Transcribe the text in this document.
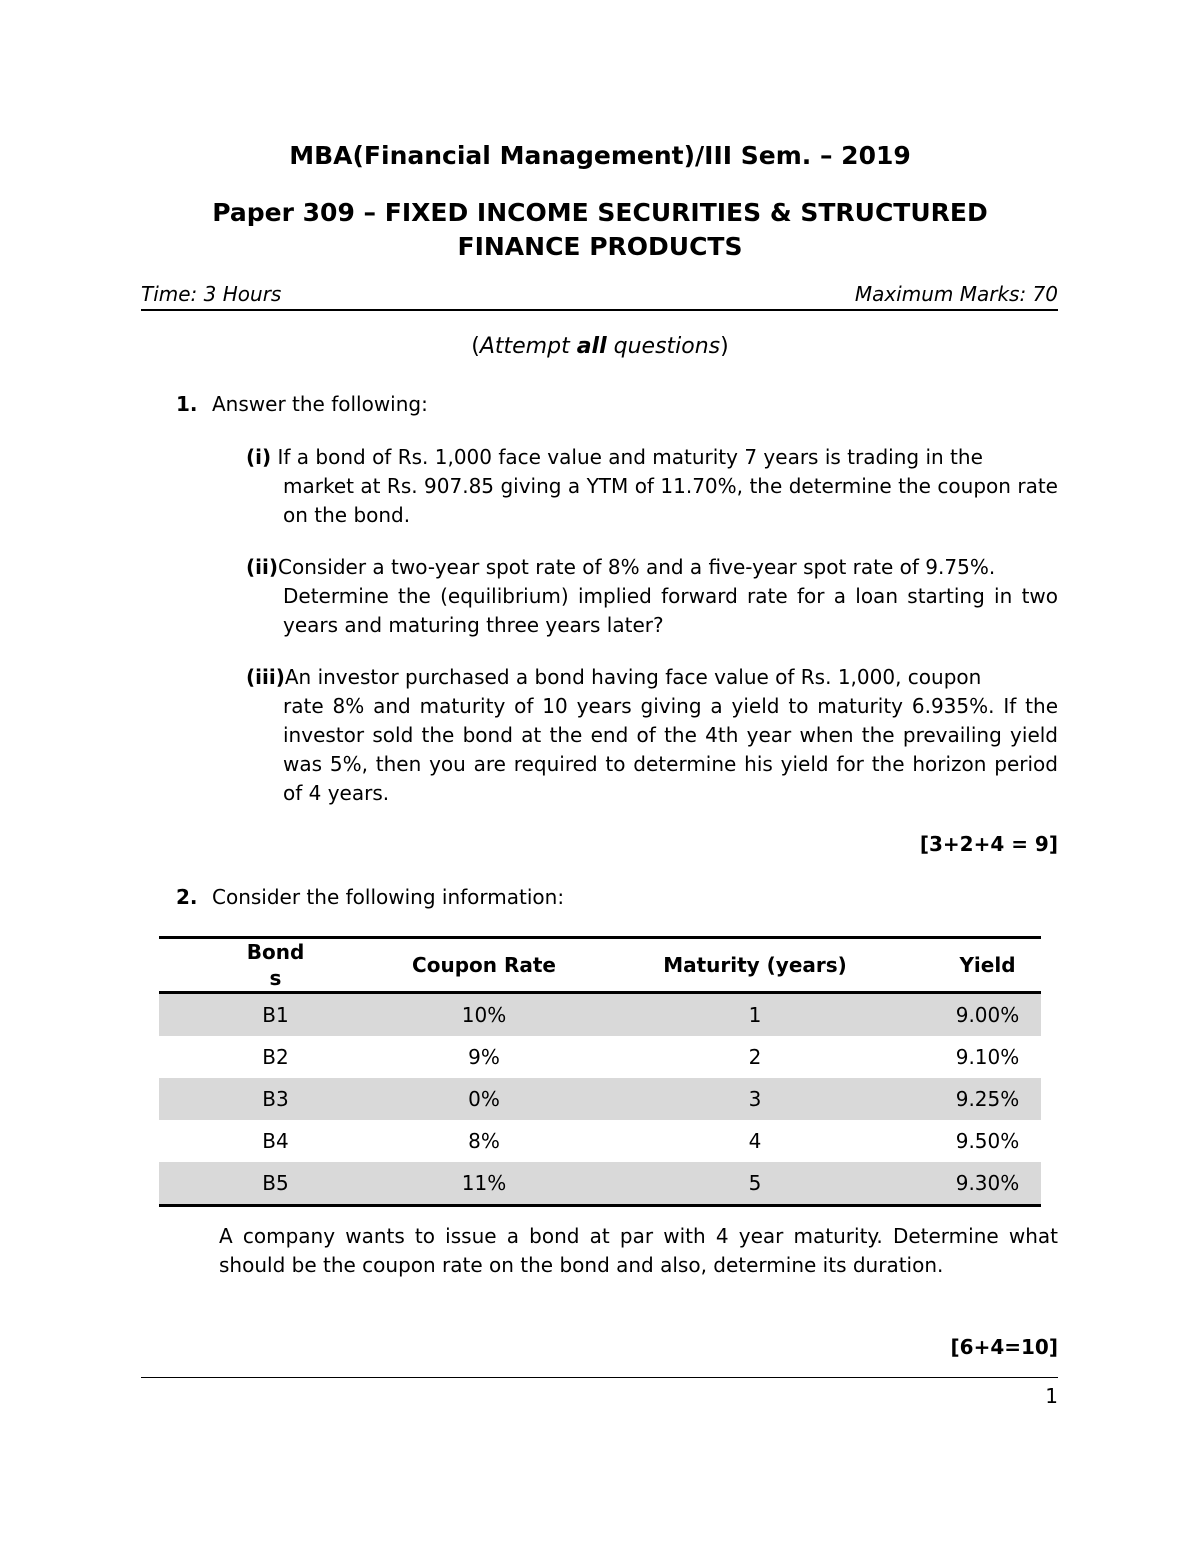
MBA(Financial Management)/III Sem. – 2019
Paper 309 – FIXED INCOME SECURITIES & STRUCTURED
FINANCE PRODUCTS
Time: 3 Hours	Maximum Marks: 70
(Attempt all questions)
1. Answer the following:
(i) If a bond of Rs. 1,000 face value and maturity 7 years is trading in the
market at Rs. 907.85 giving a YTM of 11.70%, the determine the coupon rate on the bond.
(ii)Consider a two-year spot rate of 8% and a five-year spot rate of 9.75%.
Determine the (equilibrium) implied forward rate for a loan starting in two years and maturing three years later?
(iii)An investor purchased a bond having face value of Rs. 1,000, coupon
rate 8% and maturity of 10 years giving a yield to maturity 6.935%. If the investor sold the bond at the end of the 4th year when the prevailing yield was 5%, then you are required to determine his yield for the horizon period of 4 years.
[3+2+4 = 9]
2. Consider the following information:
Bond
s	Coupon Rate	Maturity (years)	Yield
B1	10%	1	9.00%
B2	9%	2	9.10%
B3	0%	3	9.25%
B4	8%	4	9.50%
B5	11%	5	9.30%
A company wants to issue a bond at par with 4 year maturity. Determine what should be the coupon rate on the bond and also, determine its duration.
[6+4=10]
1
